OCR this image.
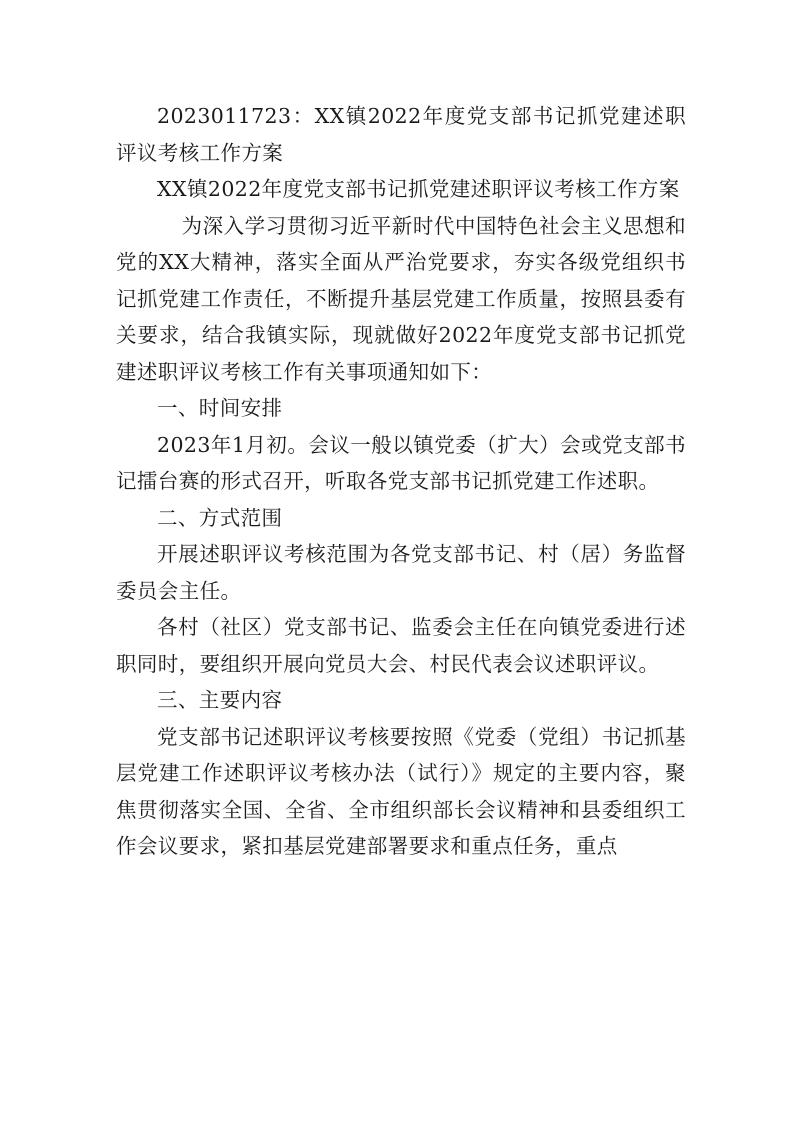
2023011723：XX镇2022年度党支部书记抓党建述职评议考核工作方案

XX镇2022年度党支部书记抓党建述职评议考核工作方案

为深入学习贯彻习近平新时代中国特色社会主义思想和党的XX大精神，落实全面从严治党要求，夯实各级党组织书记抓党建工作责任，不断提升基层党建工作质量，按照县委有关要求，结合我镇实际，现就做好2022年度党支部书记抓党建述职评议考核工作有关事项通知如下：

一、时间安排

2023年1月初。会议一般以镇党委（扩大）会或党支部书记擂台赛的形式召开，听取各党支部书记抓党建工作述职。

二、方式范围

开展述职评议考核范围为各党支部书记、村（居）务监督委员会主任。

各村（社区）党支部书记、监委会主任在向镇党委进行述职同时，要组织开展向党员大会、村民代表会议述职评议。

三、主要内容

党支部书记述职评议考核要按照《党委（党组）书记抓基层党建工作述职评议考核办法（试行）》规定的主要内容，聚焦贯彻落实全国、全省、全市组织部长会议精神和县委组织工作会议要求，紧扣基层党建部署要求和重点任务，重点
